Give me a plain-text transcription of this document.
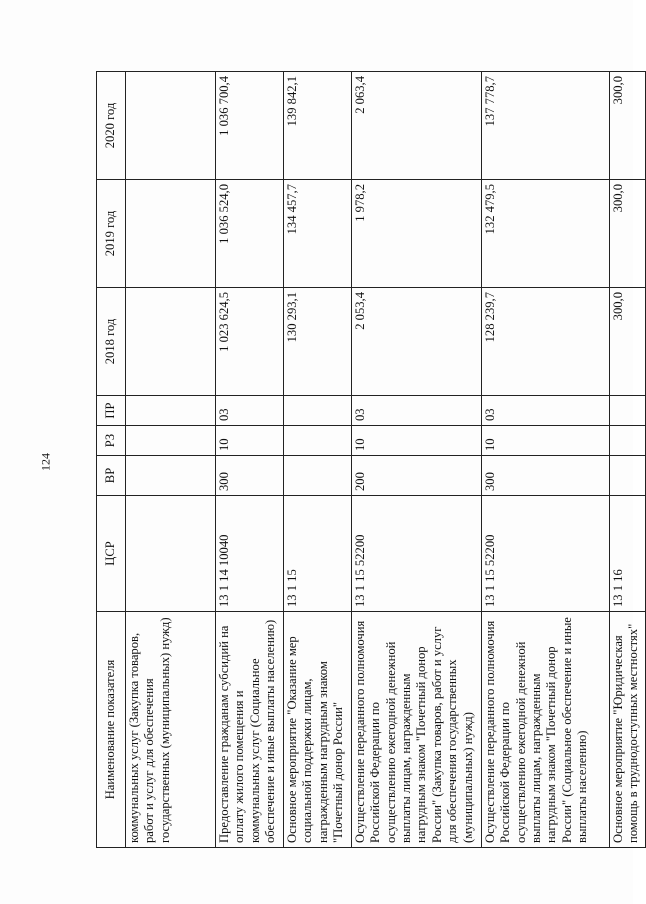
124
Наименование показателя	ЦСР	ВР	РЗ	ПР	2018 год	2019 год	2020 год
коммунальных услуг (Закупка товаров, работ и услуг для обеспечения государственных (муниципальных) нужд)							
Предоставление гражданам субсидий на оплату жилого помещения и коммунальных услуг (Социальное обеспечение и иные выплаты населению)	13 1 14 10040	300	10	03	1 023 624,5	1 036 524,0	1 036 700,4
Основное мероприятие "Оказание мер социальной поддержки лицам, награжденным нагрудным знаком "Почетный донор России"	13 1 15				130 293,1	134 457,7	139 842,1
Осуществление переданного полномочия Российской Федерации по осуществлению ежегодной денежной выплаты лицам, награжденным нагрудным знаком "Почетный донор России" (Закупка товаров, работ и услуг для обеспечения государственных (муниципальных) нужд)	13 1 15 52200	200	10	03	2 053,4	1 978,2	2 063,4
Осуществление переданного полномочия Российской Федерации по осуществлению ежегодной денежной выплаты лицам, награжденным нагрудным знаком "Почетный донор России" (Социальное обеспечение и иные выплаты населению)	13 1 15 52200	300	10	03	128 239,7	132 479,5	137 778,7
Основное мероприятие "Юридическая помощь в труднодоступных местностях"	13 1 16				300,0	300,0	300,0
